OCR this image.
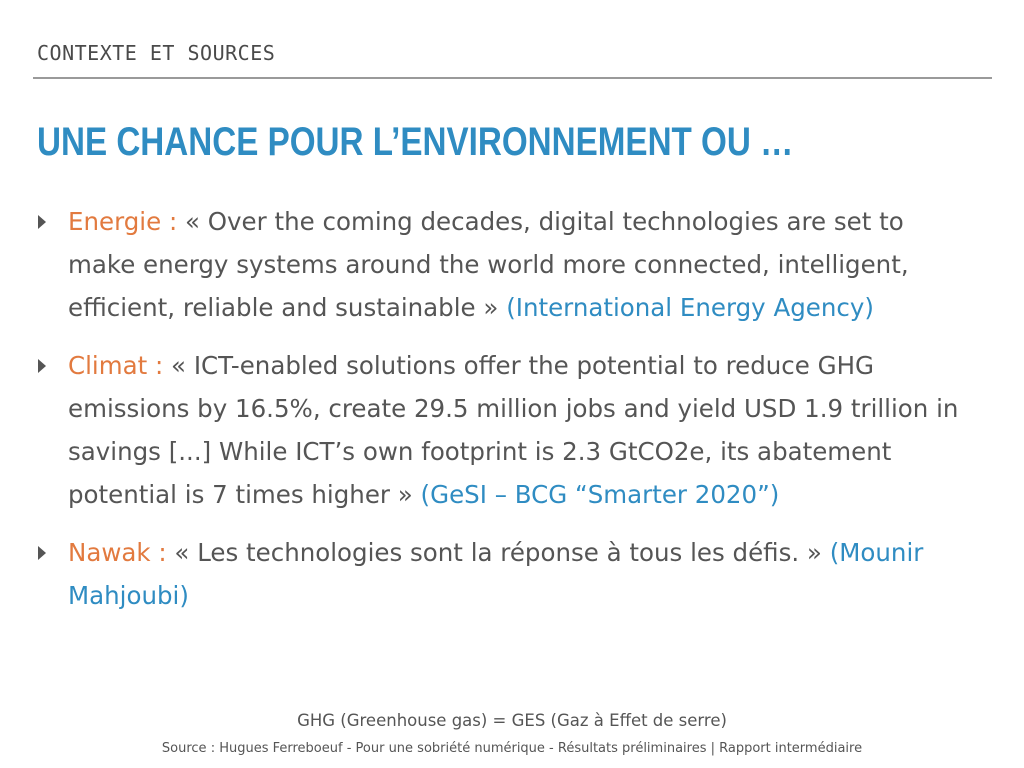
CONTEXTE ET SOURCES
UNE CHANCE POUR L’ENVIRONNEMENT OU …
Energie : « Over the coming decades, digital technologies are set to make energy systems around the world more connected, intelligent, efficient, reliable and sustainable » (International Energy Agency)
Climat : « ICT-enabled solutions offer the potential to reduce GHG emissions by 16.5%, create 29.5 million jobs and yield USD 1.9 trillion in savings [...] While ICT’s own footprint is 2.3 GtCO2e, its abatement potential is 7 times higher » (GeSI – BCG “Smarter 2020”)
Nawak : « Les technologies sont la réponse à tous les défis. » (Mounir Mahjoubi)
GHG (Greenhouse gas) = GES (Gaz à Effet de serre)
Source : Hugues Ferreboeuf - Pour une sobriété numérique - Résultats préliminaires | Rapport intermédiaire
